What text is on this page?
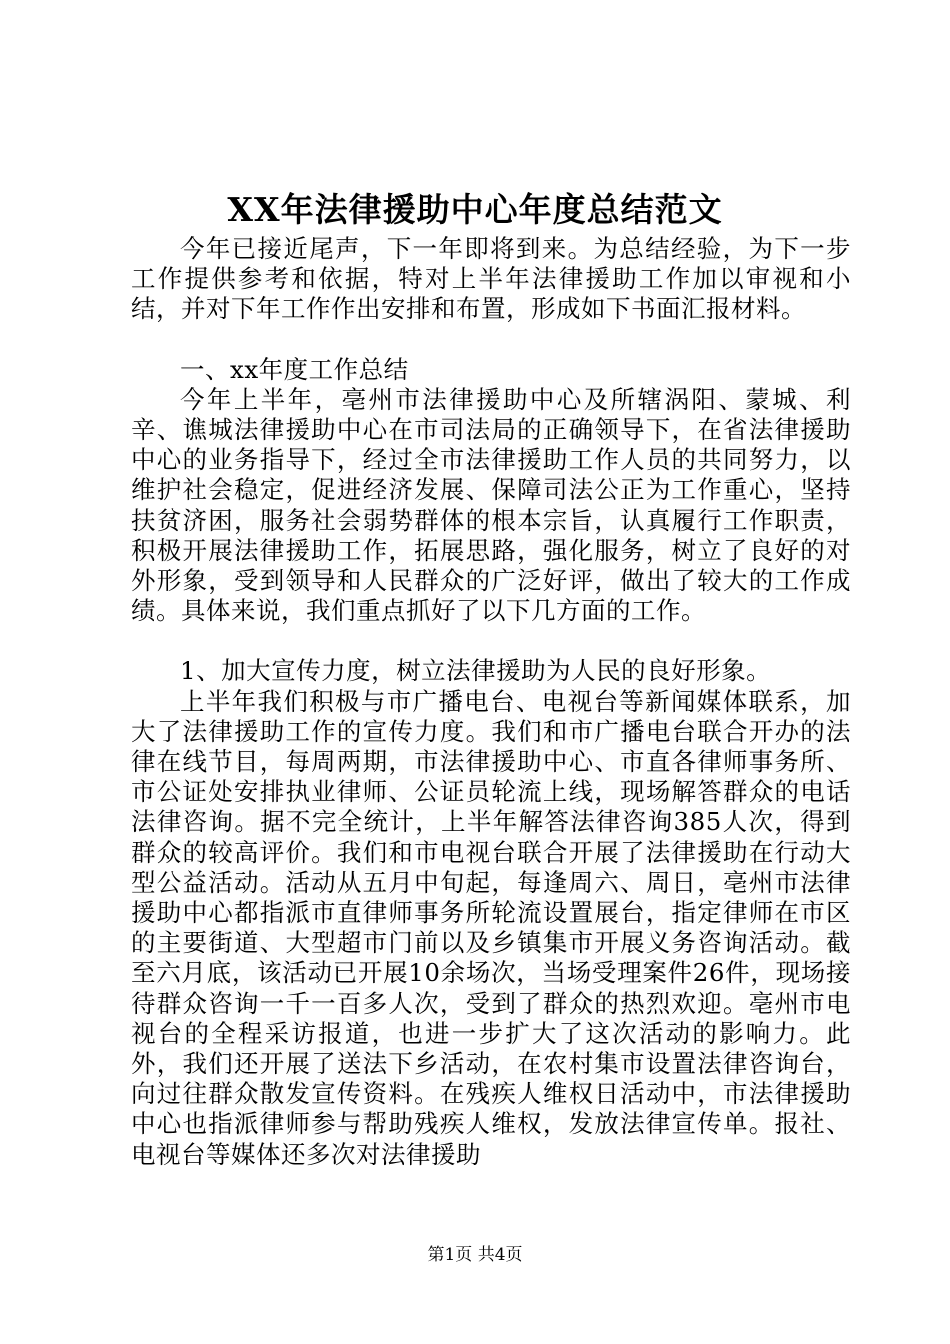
XX年法律援助中心年度总结范文

今年已接近尾声，下一年即将到来。为总结经验，为下一步工作提供参考和依据，特对上半年法律援助工作加以审视和小结，并对下年工作作出安排和布置，形成如下书面汇报材料。

一、xx年度工作总结

今年上半年，亳州市法律援助中心及所辖涡阳、蒙城、利辛、谯城法律援助中心在市司法局的正确领导下，在省法律援助中心的业务指导下，经过全市法律援助工作人员的共同努力，以维护社会稳定，促进经济发展、保障司法公正为工作重心，坚持扶贫济困，服务社会弱势群体的根本宗旨，认真履行工作职责，积极开展法律援助工作，拓展思路，强化服务，树立了良好的对外形象，受到领导和人民群众的广泛好评，做出了较大的工作成绩。具体来说，我们重点抓好了以下几方面的工作。

1、加大宣传力度，树立法律援助为人民的良好形象。

上半年我们积极与市广播电台、电视台等新闻媒体联系，加大了法律援助工作的宣传力度。我们和市广播电台联合开办的法律在线节目，每周两期，市法律援助中心、市直各律师事务所、市公证处安排执业律师、公证员轮流上线，现场解答群众的电话法律咨询。据不完全统计，上半年解答法律咨询385人次，得到群众的较高评价。我们和市电视台联合开展了法律援助在行动大型公益活动。活动从五月中旬起，每逢周六、周日，亳州市法律援助中心都指派市直律师事务所轮流设置展台，指定律师在市区的主要街道、大型超市门前以及乡镇集市开展义务咨询活动。截至六月底，该活动已开展10余场次，当场受理案件26件，现场接待群众咨询一千一百多人次，受到了群众的热烈欢迎。亳州市电视台的全程采访报道，也进一步扩大了这次活动的影响力。此外，我们还开展了送法下乡活动，在农村集市设置法律咨询台，向过往群众散发宣传资料。在残疾人维权日活动中，市法律援助中心也指派律师参与帮助残疾人维权，发放法律宣传单。报社、电视台等媒体还多次对法律援助

第1页 共4页
